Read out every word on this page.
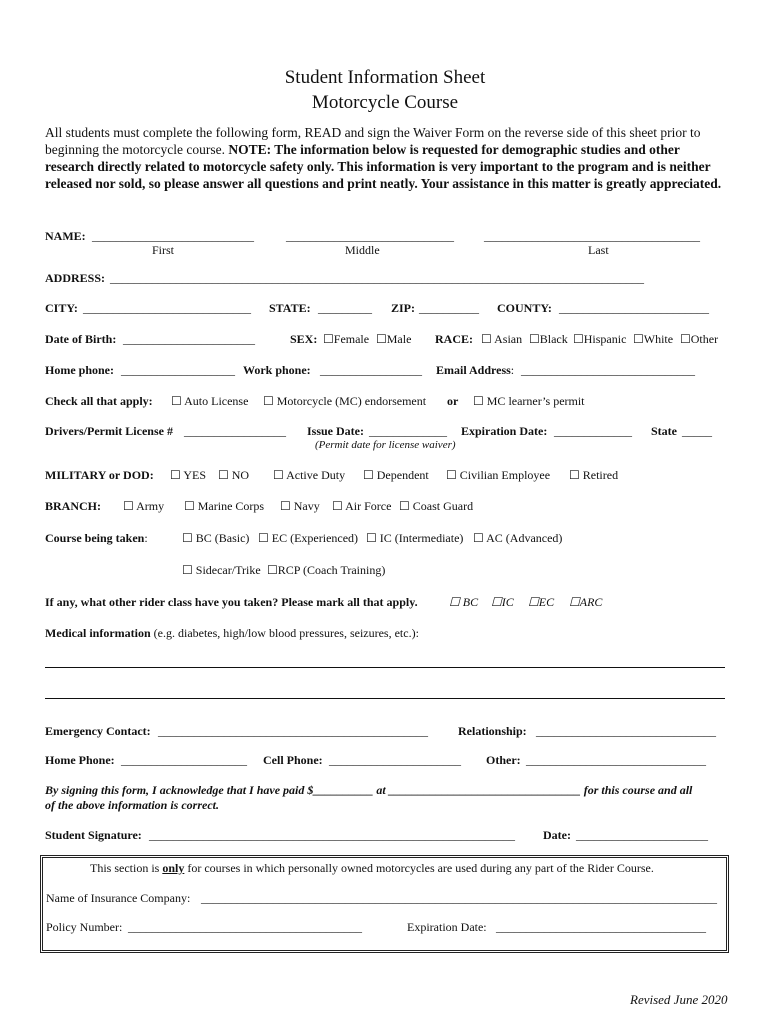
Student Information Sheet
Motorcycle Course
All students must complete the following form, READ and sign the Waiver Form on the reverse side of this sheet prior to beginning the motorcycle course. NOTE: The information below is requested for demographic studies and other research directly related to motorcycle safety only. This information is very important to the program and is neither released nor sold, so please answer all questions and print neatly. Your assistance in this matter is greatly appreciated.
NAME: ___________________________	____________________________	____________________________________
First	Middle	Last
ADDRESS: _________________________________________________________________________________________
CITY: ____________________________ STATE: _________ ZIP: __________ COUNTY: _________________________
Date of Birth: ______________________	SEX: ☐Female ☐Male RACE: ☐ Asian ☐Black ☐Hispanic ☐White ☐Other
Home phone: ___________________ Work phone: _________________ Email Address: _____________________________
Check all that apply: ☐ Auto License ☐ Motorcycle (MC) endorsement or ☐ MC learner’s permit
Drivers/Permit License # _________________ Issue Date: _____________ Expiration Date: _____________ State _____
(Permit date for license waiver)
MILITARY or DOD: ☐ YES ☐ NO ☐ Active Duty ☐ Dependent ☐ Civilian Employee ☐ Retired
BRANCH: ☐ Army ☐ Marine Corps ☐ Navy ☐ Air Force ☐ Coast Guard
Course being taken:	☐ BC (Basic) ☐ EC (Experienced) ☐ IC (Intermediate) ☐ AC (Advanced)
☐ Sidecar/Trike ☐RCP (Coach Training)
If any, what other rider class have you taken? Please mark all that apply.	☐ BC ☐IC ☐EC ☐ARC
Medical information (e.g. diabetes, high/low blood pressures, seizures, etc.):
Emergency Contact: _____________________________________________	Relationship: ______________________________
Home Phone: _____________________ Cell Phone: ______________________ Other: ______________________________
By signing this form, I acknowledge that I have paid $__________ at ________________________________ for this course and all
of the above information is correct.
Student Signature: _____________________________________________________________ Date: ______________________
This section is only for courses in which personally owned motorcycles are used during any part of the Rider Course.
Name of Insurance Company: ______________________________________________________________________________________
Policy Number: _______________________________________	Expiration Date: ___________________________________
Revised June 2020
